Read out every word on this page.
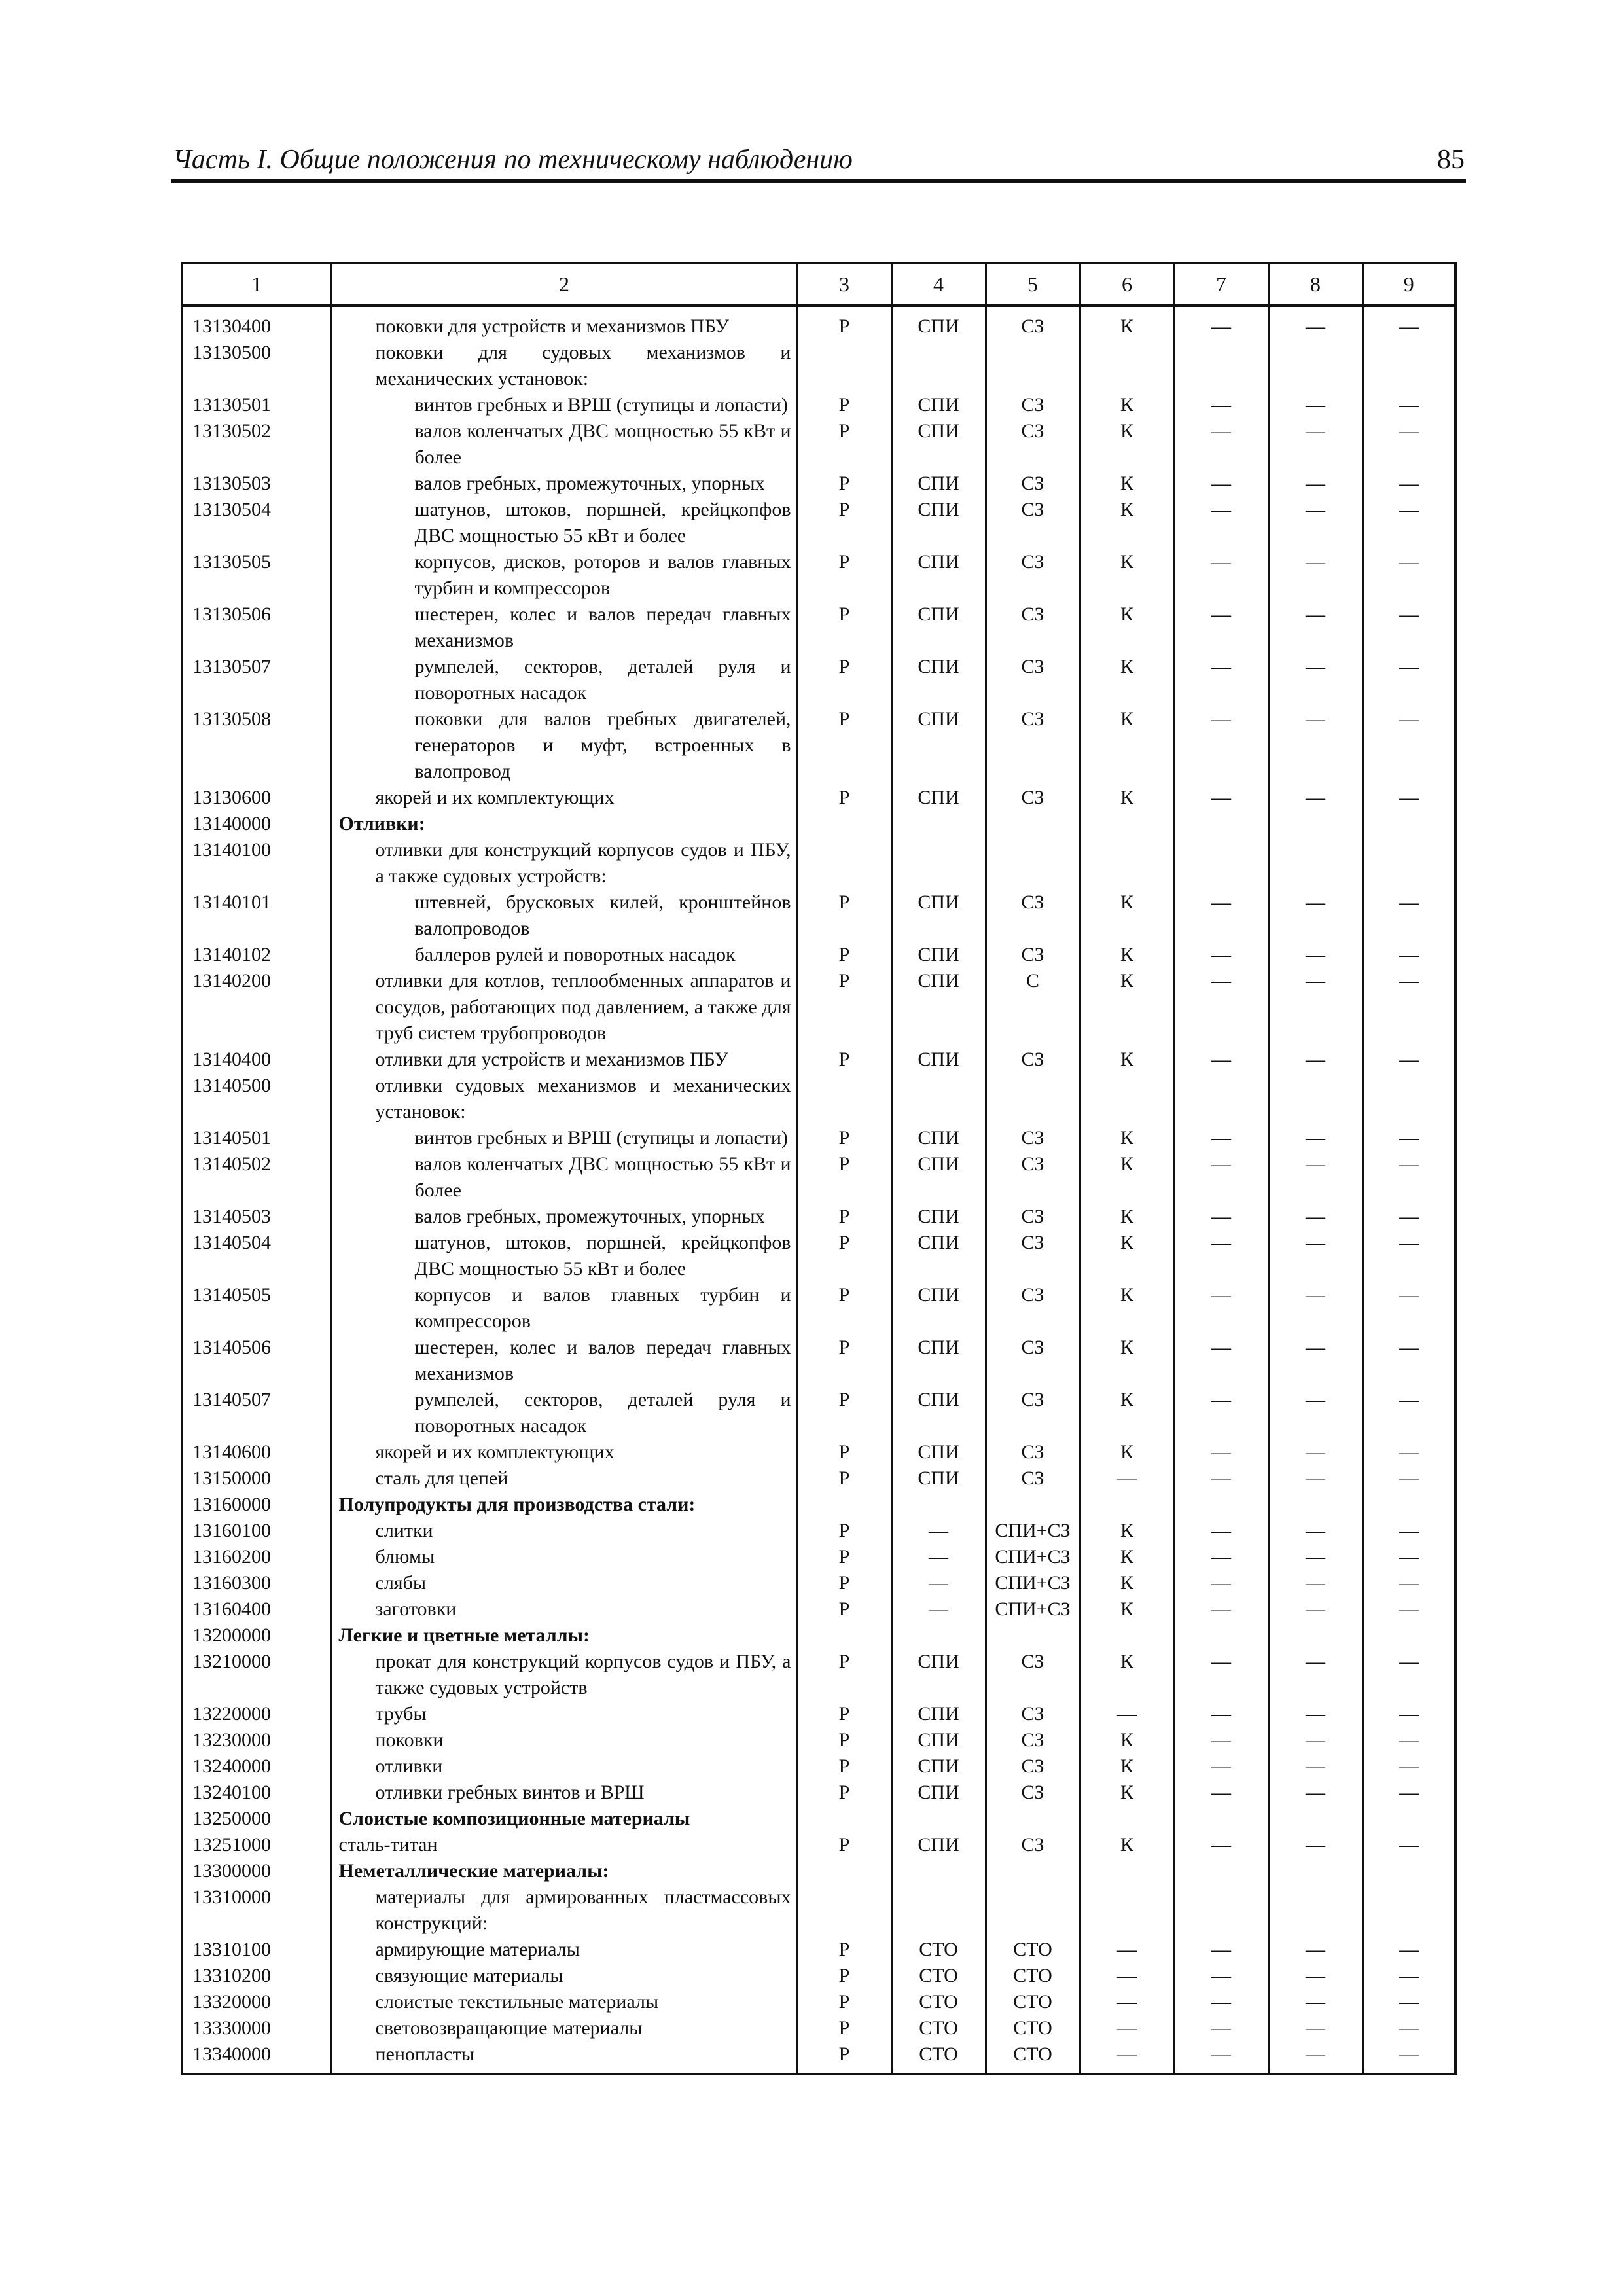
Часть I. Общие положения по техническому наблюдению	85
1	2	3	4	5	6	7	8	9
13130400	поковки для устройств и механизмов ПБУ	Р	СПИ	СЗ	К	—	—	—
13130500	поковки для судовых механизмов и механических установок:							
13130501	винтов гребных и ВРШ (ступицы и лопасти)	Р	СПИ	СЗ	К	—	—	—
13130502	валов коленчатых ДВС мощностью 55 кВт и более	Р	СПИ	СЗ	К	—	—	—
13130503	валов гребных, промежуточных, упорных	Р	СПИ	СЗ	К	—	—	—
13130504	шатунов, штоков, поршней, крейцкопфов ДВС мощностью 55 кВт и более	Р	СПИ	СЗ	К	—	—	—
13130505	корпусов, дисков, роторов и валов главных турбин и компрессоров	Р	СПИ	СЗ	К	—	—	—
13130506	шестерен, колес и валов передач главных механизмов	Р	СПИ	СЗ	К	—	—	—
13130507	румпелей, секторов, деталей руля и поворотных насадок	Р	СПИ	СЗ	К	—	—	—
13130508	поковки для валов гребных двигателей, генераторов и муфт, встроенных в валопровод	Р	СПИ	СЗ	К	—	—	—
13130600	якорей и их комплектующих	Р	СПИ	СЗ	К	—	—	—
13140000	Отливки:							
13140100	отливки для конструкций корпусов судов и ПБУ, а также судовых устройств:							
13140101	штевней, брусковых килей, кронштейнов валопроводов	Р	СПИ	СЗ	К	—	—	—
13140102	баллеров рулей и поворотных насадок	Р	СПИ	СЗ	К	—	—	—
13140200	отливки для котлов, теплообменных аппаратов и сосудов, работающих под давлением, а также для труб систем трубопроводов	Р	СПИ	С	К	—	—	—
13140400	отливки для устройств и механизмов ПБУ	Р	СПИ	СЗ	К	—	—	—
13140500	отливки судовых механизмов и механических установок:							
13140501	винтов гребных и ВРШ (ступицы и лопасти)	Р	СПИ	СЗ	К	—	—	—
13140502	валов коленчатых ДВС мощностью 55 кВт и более	Р	СПИ	СЗ	К	—	—	—
13140503	валов гребных, промежуточных, упорных	Р	СПИ	СЗ	К	—	—	—
13140504	шатунов, штоков, поршней, крейцкопфов ДВС мощностью 55 кВт и более	Р	СПИ	СЗ	К	—	—	—
13140505	корпусов и валов главных турбин и компрессоров	Р	СПИ	СЗ	К	—	—	—
13140506	шестерен, колес и валов передач главных механизмов	Р	СПИ	СЗ	К	—	—	—
13140507	румпелей, секторов, деталей руля и поворотных насадок	Р	СПИ	СЗ	К	—	—	—
13140600	якорей и их комплектующих	Р	СПИ	СЗ	К	—	—	—
13150000	сталь для цепей	Р	СПИ	СЗ	—	—	—	—
13160000	Полупродукты для производства стали:							
13160100	слитки	Р	—	СПИ+СЗ	К	—	—	—
13160200	блюмы	Р	—	СПИ+СЗ	К	—	—	—
13160300	слябы	Р	—	СПИ+СЗ	К	—	—	—
13160400	заготовки	Р	—	СПИ+СЗ	К	—	—	—
13200000	Легкие и цветные металлы:							
13210000	прокат для конструкций корпусов судов и ПБУ, а также судовых устройств	Р	СПИ	СЗ	К	—	—	—
13220000	трубы	Р	СПИ	СЗ	—	—	—	—
13230000	поковки	Р	СПИ	СЗ	К	—	—	—
13240000	отливки	Р	СПИ	СЗ	К	—	—	—
13240100	отливки гребных винтов и ВРШ	Р	СПИ	СЗ	К	—	—	—
13250000	Слоистые композиционные материалы							
13251000	сталь-титан	Р	СПИ	СЗ	К	—	—	—
13300000	Неметаллические материалы:							
13310000	материалы для армированных пластмассовых конструкций:							
13310100	армирующие материалы	Р	СТО	СТО	—	—	—	—
13310200	связующие материалы	Р	СТО	СТО	—	—	—	—
13320000	слоистые текстильные материалы	Р	СТО	СТО	—	—	—	—
13330000	световозвращающие материалы	Р	СТО	СТО	—	—	—	—
13340000	пенопласты	Р	СТО	СТО	—	—	—	—
